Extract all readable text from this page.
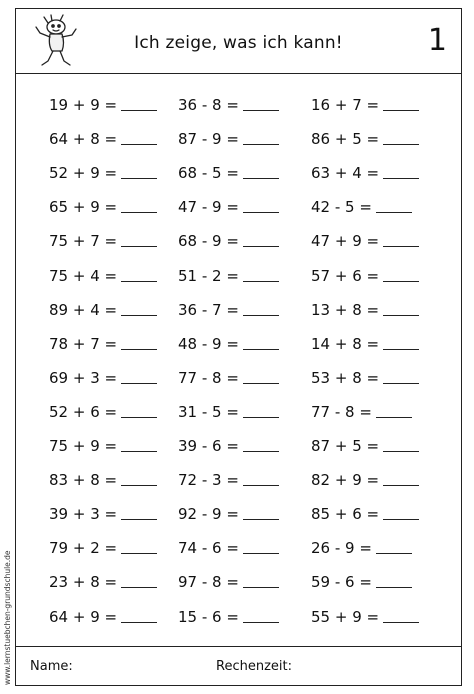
Ich zeige, was ich kann!	1
19 + 9 =	36 - 8 =	16 + 7 =
64 + 8 =	87 - 9 =	86 + 5 =
52 + 9 =	68 - 5 =	63 + 4 =
65 + 9 =	47 - 9 =	42 - 5 =
75 + 7 =	68 - 9 =	47 + 9 =
75 + 4 =	51 - 2 =	57 + 6 =
89 + 4 =	36 - 7 =	13 + 8 =
78 + 7 =	48 - 9 =	14 + 8 =
69 + 3 =	77 - 8 =	53 + 8 =
52 + 6 =	31 - 5 =	77 - 8 =
75 + 9 =	39 - 6 =	87 + 5 =
83 + 8 =	72 - 3 =	82 + 9 =
39 + 3 =	92 - 9 =	85 + 6 =
79 + 2 =	74 - 6 =	26 - 9 =
23 + 8 =	97 - 8 =	59 - 6 =
64 + 9 =	15 - 6 =	55 + 9 =
Name:	Rechenzeit:
www.lernstuebchen-grundschule.de
